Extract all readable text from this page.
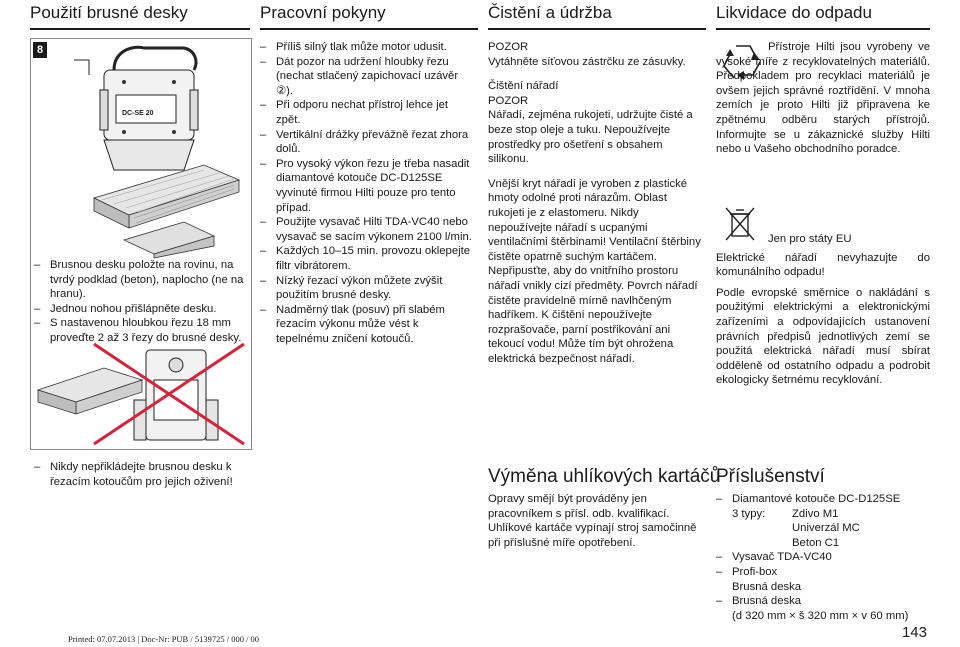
Použití brusné desky	Pracovní pokyny	Čistění a údržba	Likvidace do odpadu
8
DC-SE 20

– Brusnou desku položte na rovinu, na tvrdý podklad (beton), naplocho (ne na hranu).

– Jednou nohou přišlápněte desku.

– S nastavenou hloubkou řezu 18 mm proveďte 2 až 3 řezy do brusné desky.

– Nikdy nepřikládejte brusnou desku k řezacím kotoučům pro jejich oživení!

– Příliš silný tlak může motor udusit.

– Dát pozor na udržení hloubky řezu (nechat stlačený zapichovací uzávěr ②).

– Při odporu nechat přístroj lehce jet zpět.

– Vertikální drážky převážně řezat zhora dolů.

– Pro vysoký výkon řezu je třeba nasadit diamantové kotouče DC-D125SE vyvinuté firmou Hilti pouze pro tento případ.

– Použijte vysavač Hilti TDA-VC40 nebo vysavač se sacím výkonem 2100 l/min.

– Každých 10–15 min. provozu oklepejte filtr vibrátorem.

– Nízký řezací výkon můžete zvýšit použitím brusné desky.

– Nadměrný tlak (posuv) při slabém řezacím výkonu může vést k tepelnému zničení kotoučů.

POZOR

Vytáhněte síťovou zástrčku ze zásuvky.

Čištění nářadí

POZOR

Nářadí, zejména rukojeti, udržujte čisté a beze stop oleje a tuku. Nepoužívejte prostředky pro ošetření s obsahem silikonu.

Vnější kryt nářadí je vyroben z plastické hmoty odolné proti nárazům. Oblast rukojeti je z elastomeru. Nikdy nepoužívejte nářadí s ucpanými ventilačními štěrbinami! Ventilační štěrbiny čistěte opatrně suchým kartáčem. Nepřipusťte, aby do vnitřního prostoru nářadí vnikly cizí předměty. Povrch nářadí čistěte pravidelně mírně navlhčeným hadříkem. K čištění nepoužívejte rozprašovače, parní postřikování ani tekoucí vodu! Může tím být ohrožena elektrická bezpečnost nářadí.

Výměna uhlíkových kartáčů

Opravy smějí být prováděny jen pracovníkem s přísl. odb. kvalifikací. Uhlíkové kartáče vypínají stroj samočinně při příslušné míře opotřebení.

Přístroje Hilti jsou vyrobeny ve vysoké míře z recyklovatelných materiálů. Předpokladem pro recyklaci materiálů je ovšem jejich správné roztřídění. V mnoha zemích je proto Hilti již připravena ke zpětnému odběru starých přístrojů. Informujte se u zákaznické služby Hilti nebo u Vašeho obchodního poradce.

Jen pro státy EU

Elektrické nářadí nevyhazujte do komunálního odpadu!

Podle evropské směrnice o nakládání s použitými elektrickými a elektronickými zařízeními a odpovídajících ustanovení právních předpisů jednotlivých zemí se použitá elektrická nářadí musí sbírat odděleně od ostatního odpadu a podrobit ekologicky šetrnému recyklování.

Příslušenství

– Diamantové kotouče DC-D125SE

3 typy: Zdivo M1

Univerzál MC

Beton C1

– Vysavač TDA-VC40

– Profi-box

Brusná deska

– Brusná deska

(d 320 mm × š 320 mm × v 60 mm)

143
Printed: 07.07.2013 | Doc-Nr: PUB / 5139725 / 000 / 00
